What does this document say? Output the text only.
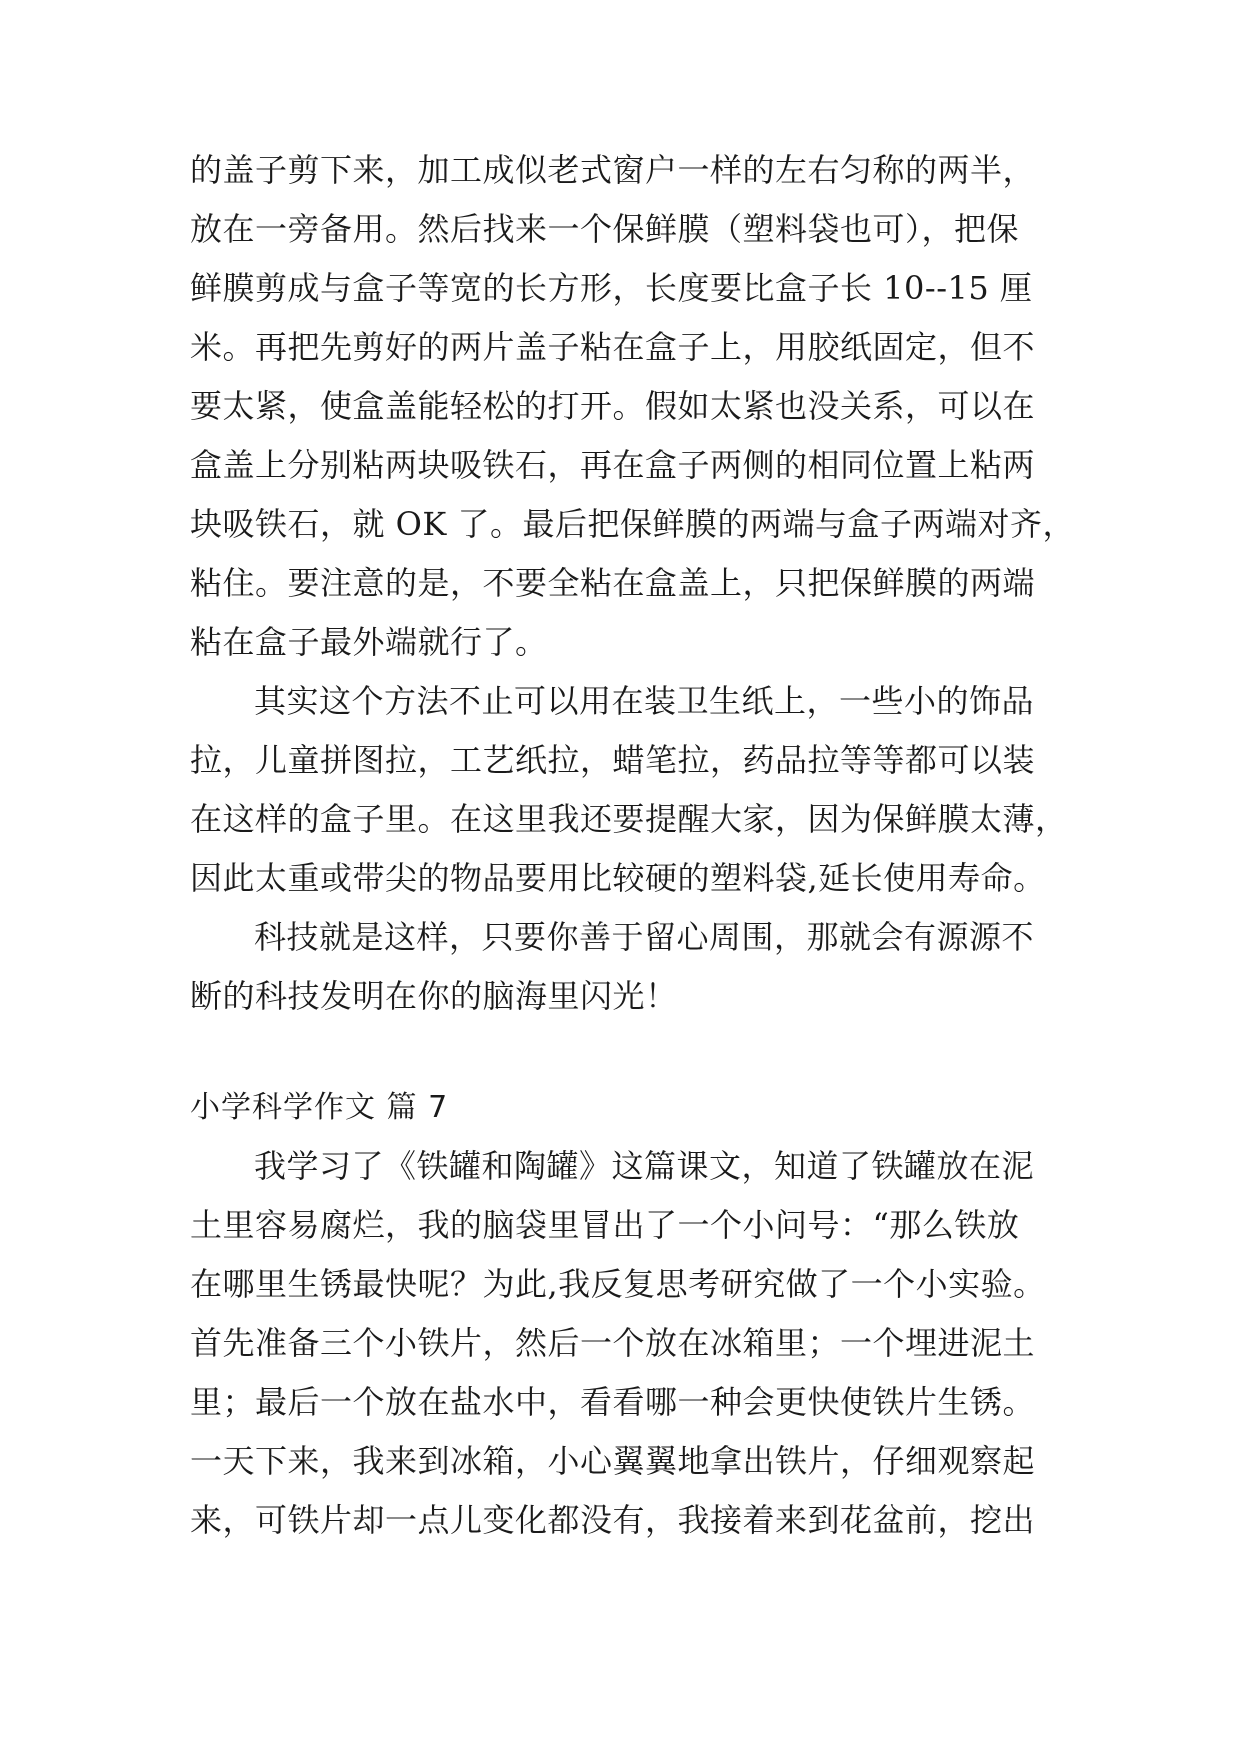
的盖子剪下来，加工成似老式窗户一样的左右匀称的两半，
放在一旁备用。然后找来一个保鲜膜（塑料袋也可），把保
鲜膜剪成与盒子等宽的长方形，长度要比盒子长 10--15 厘
米。再把先剪好的两片盖子粘在盒子上，用胶纸固定，但不
要太紧，使盒盖能轻松的打开。假如太紧也没关系，可以在
盒盖上分别粘两块吸铁石，再在盒子两侧的相同位置上粘两
块吸铁石，就 OK 了。最后把保鲜膜的两端与盒子两端对齐，
粘住。要注意的是，不要全粘在盒盖上，只把保鲜膜的两端
粘在盒子最外端就行了。
其实这个方法不止可以用在装卫生纸上，一些小的饰品
拉，儿童拼图拉，工艺纸拉，蜡笔拉，药品拉等等都可以装
在这样的盒子里。在这里我还要提醒大家，因为保鲜膜太薄，
因此太重或带尖的物品要用比较硬的塑料袋,延长使用寿命。
科技就是这样，只要你善于留心周围，那就会有源源不
断的科技发明在你的脑海里闪光！
小学科学作文 篇 7
我学习了《铁罐和陶罐》这篇课文，知道了铁罐放在泥
土里容易腐烂，我的脑袋里冒出了一个小问号：“那么铁放
在哪里生锈最快呢？为此,我反复思考研究做了一个小实验。
首先准备三个小铁片，然后一个放在冰箱里；一个埋进泥土
里；最后一个放在盐水中，看看哪一种会更快使铁片生锈。
一天下来，我来到冰箱，小心翼翼地拿出铁片，仔细观察起
来，可铁片却一点儿变化都没有，我接着来到花盆前，挖出
